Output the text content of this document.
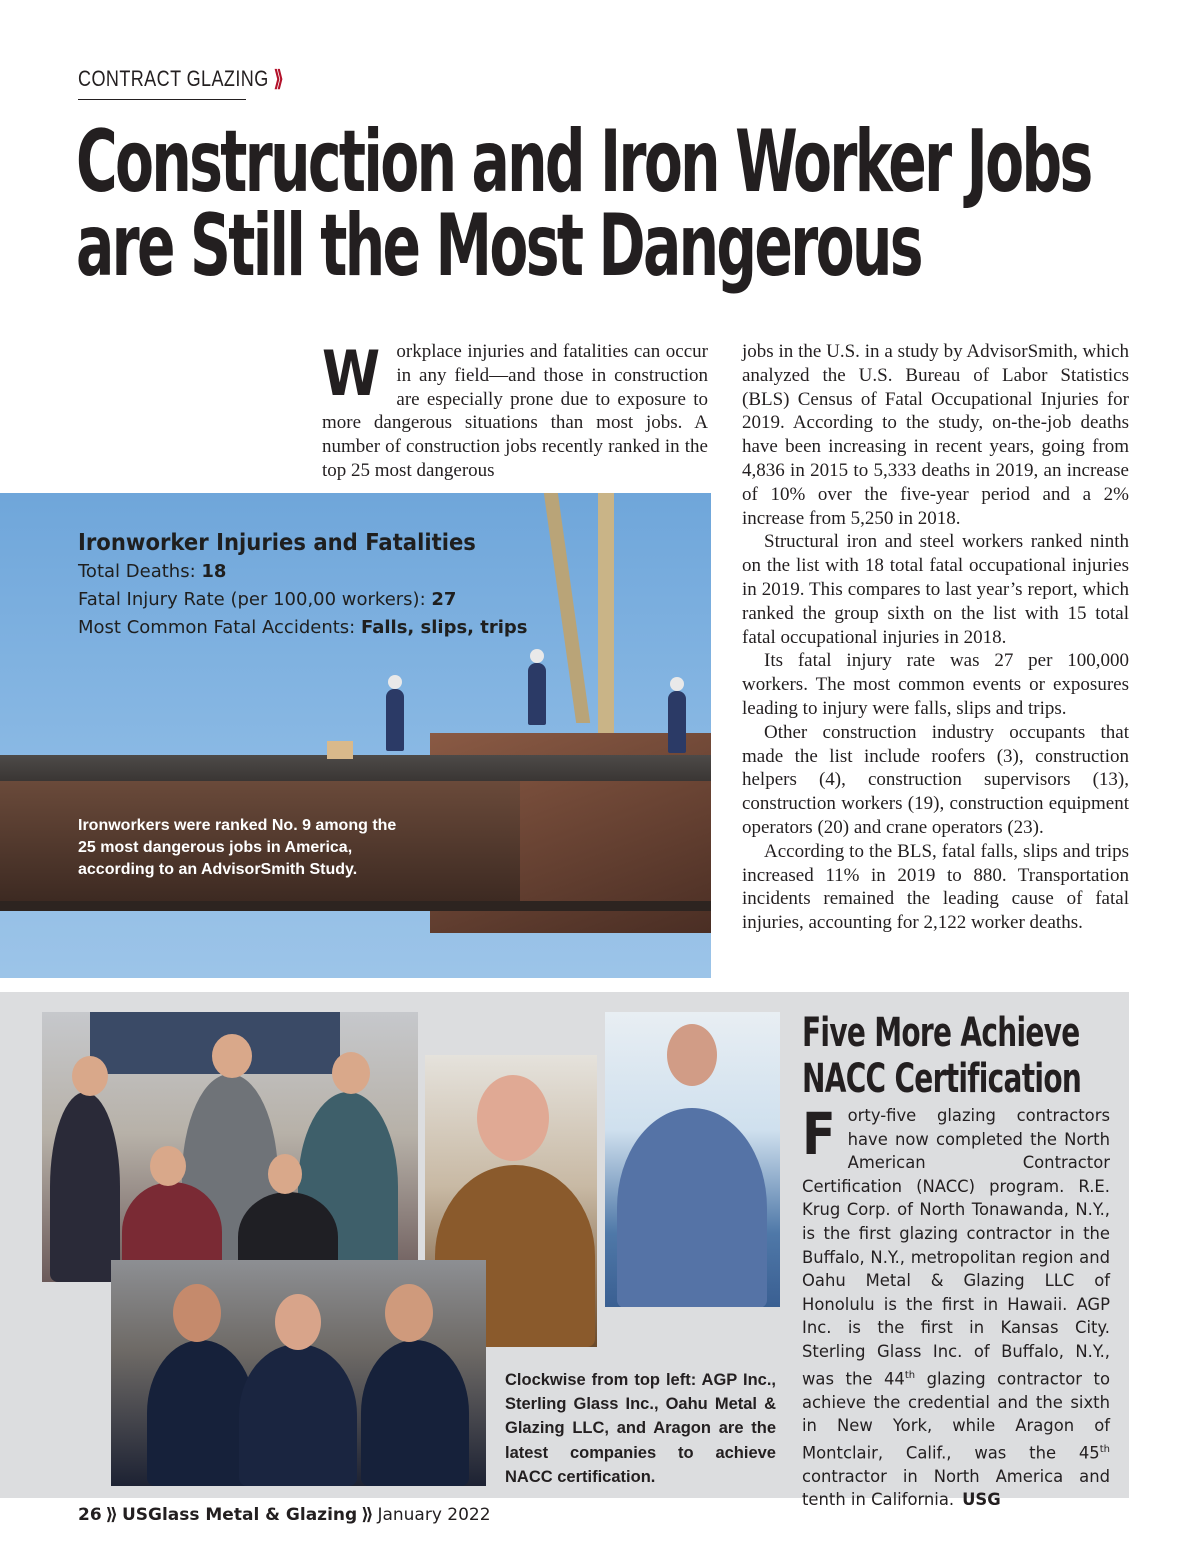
CONTRACT GLAZING ⟫
Construction and Iron Worker Jobs
are Still the Most Dangerous
Workplace injuries and fatalities can occur in any field—and those in construction are especially prone due to exposure to more dangerous situations than most jobs. A number of construction jobs recently ranked in the top 25 most dangerous

jobs in the U.S. in a study by AdvisorSmith, which analyzed the U.S. Bureau of Labor Statistics (BLS) Census of Fatal Occupational Injuries for 2019. According to the study, on-the-job deaths have been increasing in recent years, going from 4,836 in 2015 to 5,333 deaths in 2019, an increase of 10% over the five-year period and a 2% increase from 5,250 in 2018.

Structural iron and steel workers ranked ninth on the list with 18 total fatal occupational injuries in 2019. This compares to last year’s report, which ranked the group sixth on the list with 15 total fatal occupational injuries in 2018.

Its fatal injury rate was 27 per 100,000 workers. The most common events or exposures leading to injury were falls, slips and trips.

Other construction industry occupants that made the list include roofers (3), construction helpers (4), construction supervisors (13), construction workers (19), construction equipment operators (20) and crane operators (23).

According to the BLS, fatal falls, slips and trips increased 11% in 2019 to 880. Transportation incidents remained the leading cause of fatal injuries, accounting for 2,122 worker deaths.

Ironworker Injuries and Fatalities
Total Deaths: 18
Fatal Injury Rate (per 100,00 workers): 27
Most Common Fatal Accidents: Falls, slips, trips
Ironworkers were ranked No. 9 among the 25 most dangerous jobs in America, according to an AdvisorSmith Study.
Clockwise from top left: AGP Inc., Sterling Glass Inc., Oahu Metal & Glazing LLC, and Aragon are the latest companies to achieve NACC certification.
Five More Achieve
NACC Certification
Forty-five glazing contractors have now completed the North American Contractor Certification (NACC) program. R.E. Krug Corp. of North Tonawanda, N.Y., is the first glazing contractor in the Buffalo, N.Y., metropolitan region and Oahu Metal & Glazing LLC of Honolulu is the first in Hawaii. AGP Inc. is the first in Kansas City. Sterling Glass Inc. of Buffalo, N.Y., was the 44th glazing contractor to achieve the credential and the sixth in New York, while Aragon of Montclair, Calif., was the 45th contractor in North America and tenth in California. USG
26 ⟫ USGlass Metal & Glazing ⟫ January 2022
